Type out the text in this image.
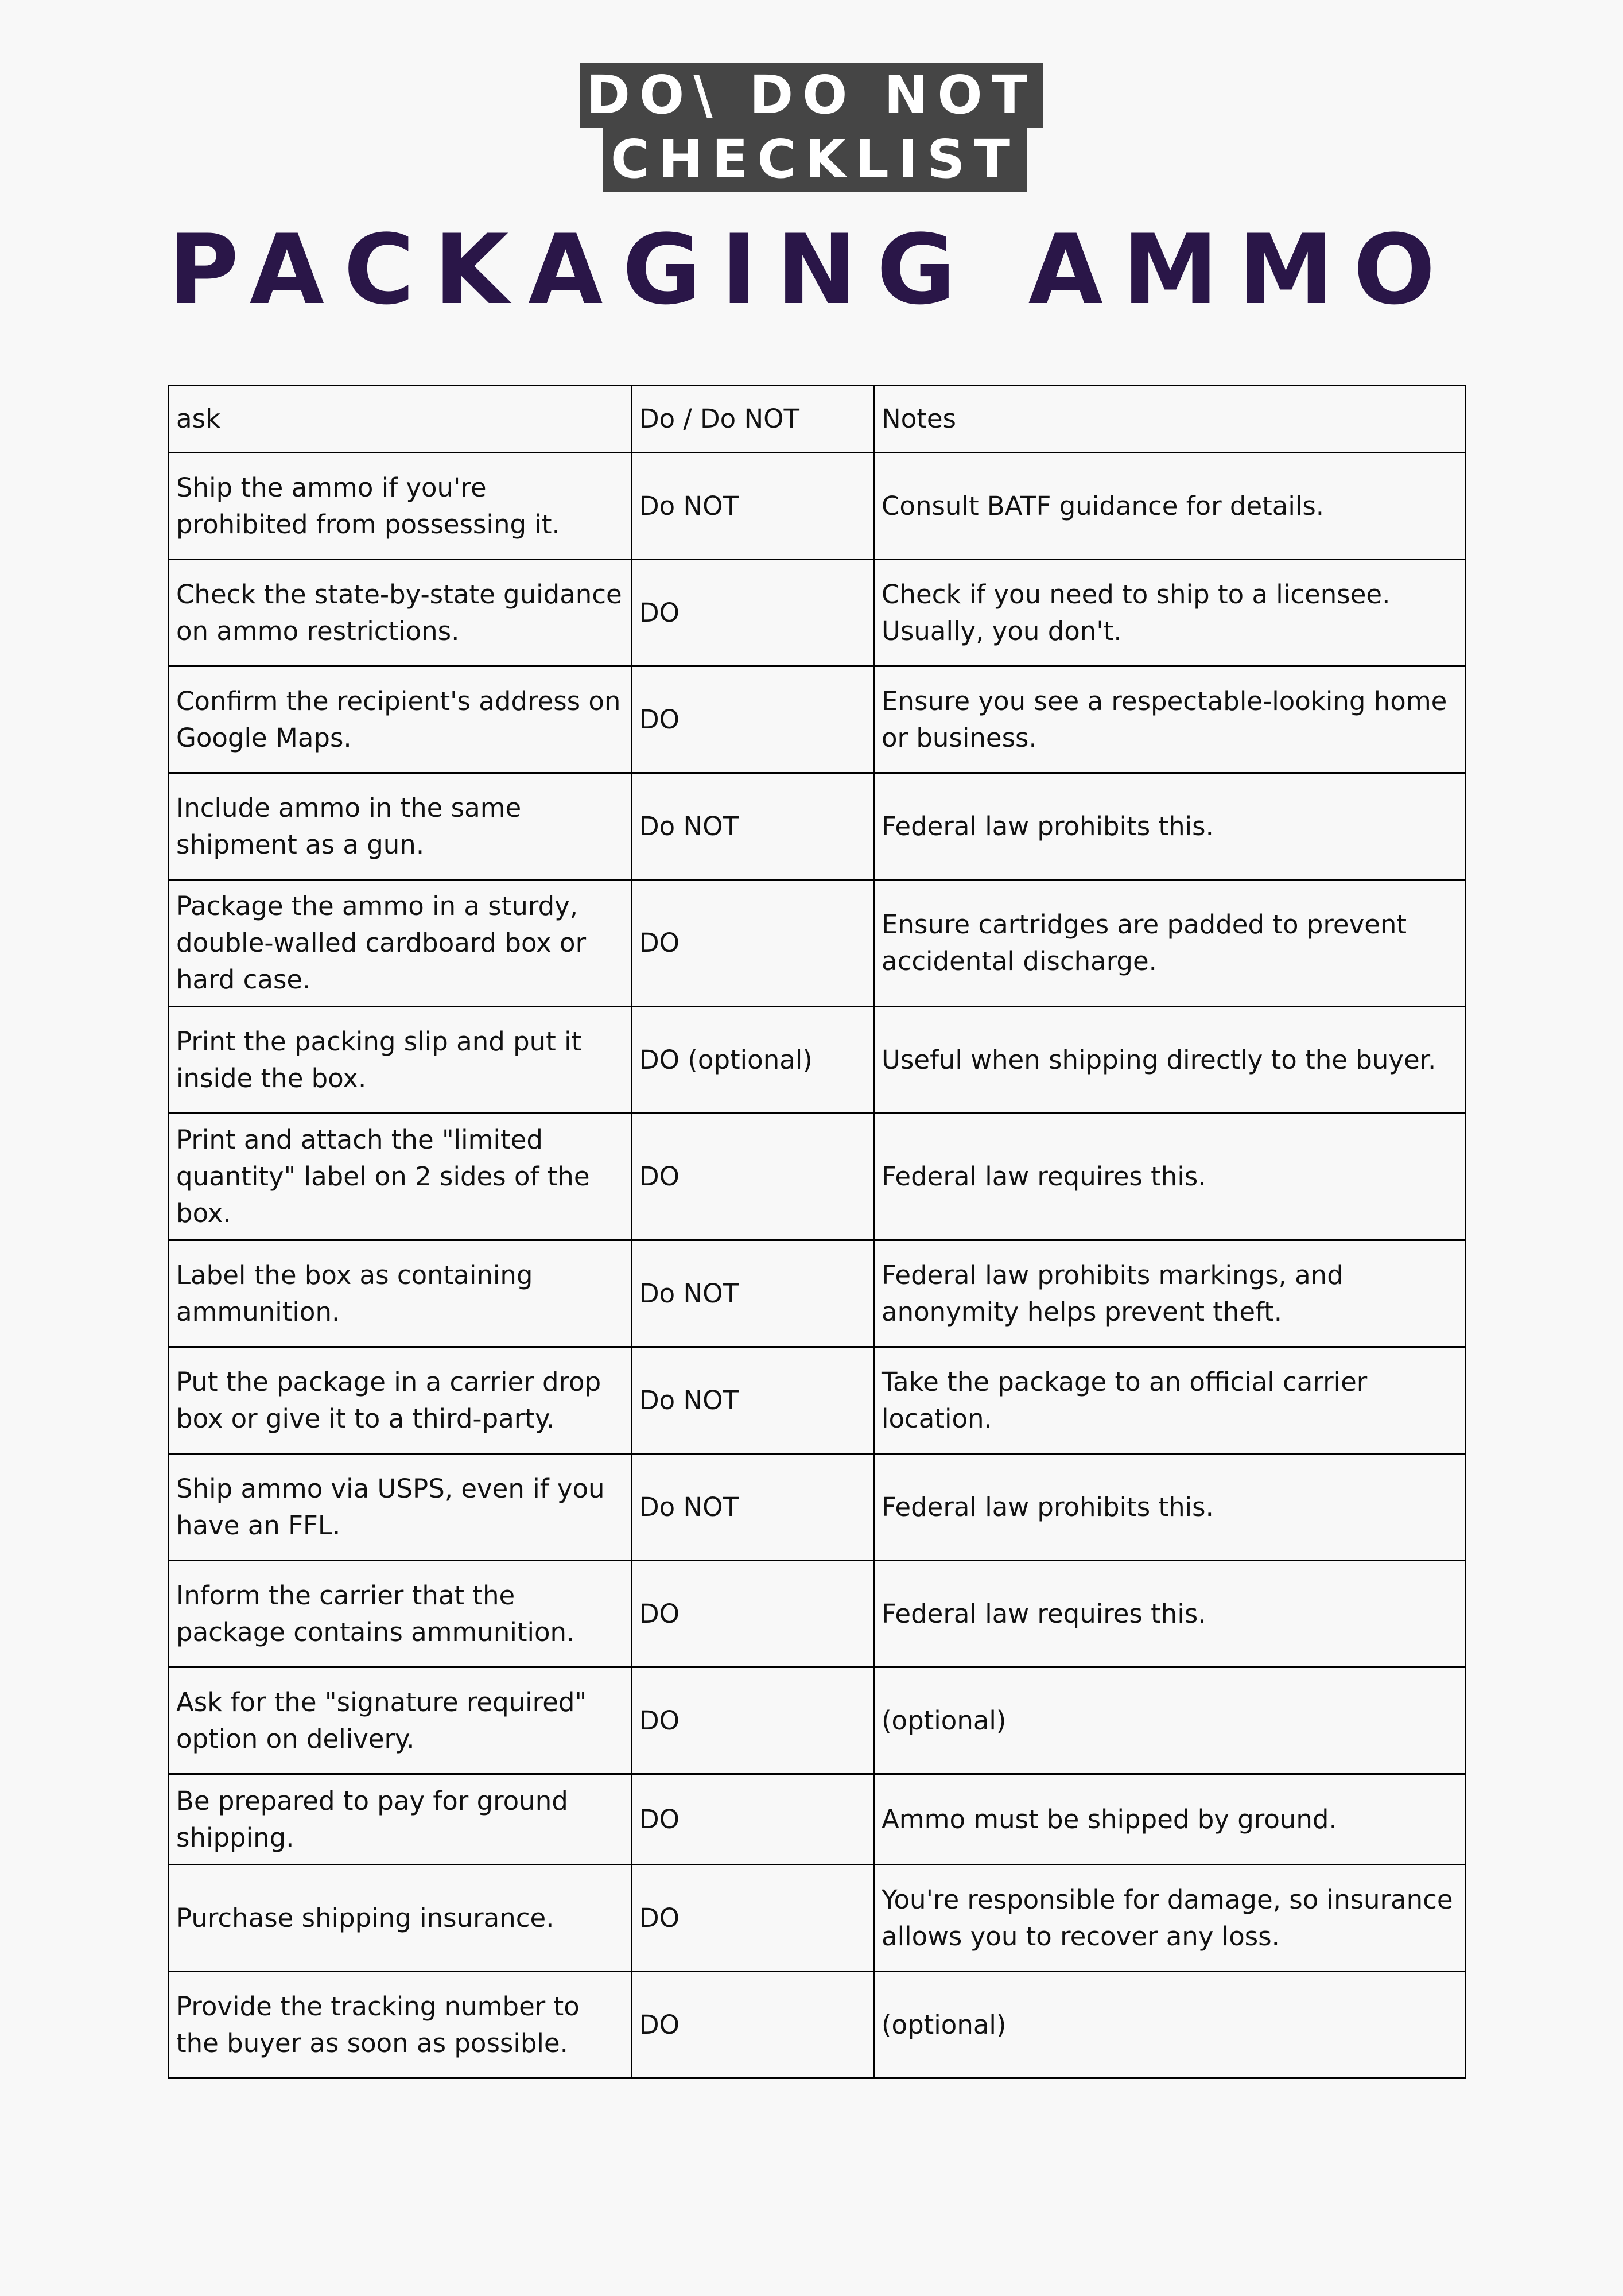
DO\ DO NOT
CHECKLIST
PACKAGING AMMO
ask	Do / Do NOT	Notes
Ship the ammo if you're prohibited from possessing it.	Do NOT	Consult BATF guidance for details.
Check the state-by-state guidance on ammo restrictions.	DO	Check if you need to ship to a licensee. Usually, you don't.
Confirm the recipient's address on Google Maps.	DO	Ensure you see a respectable-looking home or business.
Include ammo in the same shipment as a gun.	Do NOT	Federal law prohibits this.
Package the ammo in a sturdy, double-walled cardboard box or hard case.	DO	Ensure cartridges are padded to prevent accidental discharge.
Print the packing slip and put it inside the box.	DO (optional)	Useful when shipping directly to the buyer.
Print and attach the "limited quantity" label on 2 sides of the box.	DO	Federal law requires this.
Label the box as containing ammunition.	Do NOT	Federal law prohibits markings, and anonymity helps prevent theft.
Put the package in a carrier drop box or give it to a third-party.	Do NOT	Take the package to an official carrier location.
Ship ammo via USPS, even if you have an FFL.	Do NOT	Federal law prohibits this.
Inform the carrier that the package contains ammunition.	DO	Federal law requires this.
Ask for the "signature required" option on delivery.	DO	(optional)
Be prepared to pay for ground shipping.	DO	Ammo must be shipped by ground.
Purchase shipping insurance.	DO	You're responsible for damage, so insurance allows you to recover any loss.
Provide the tracking number to the buyer as soon as possible.	DO	(optional)
